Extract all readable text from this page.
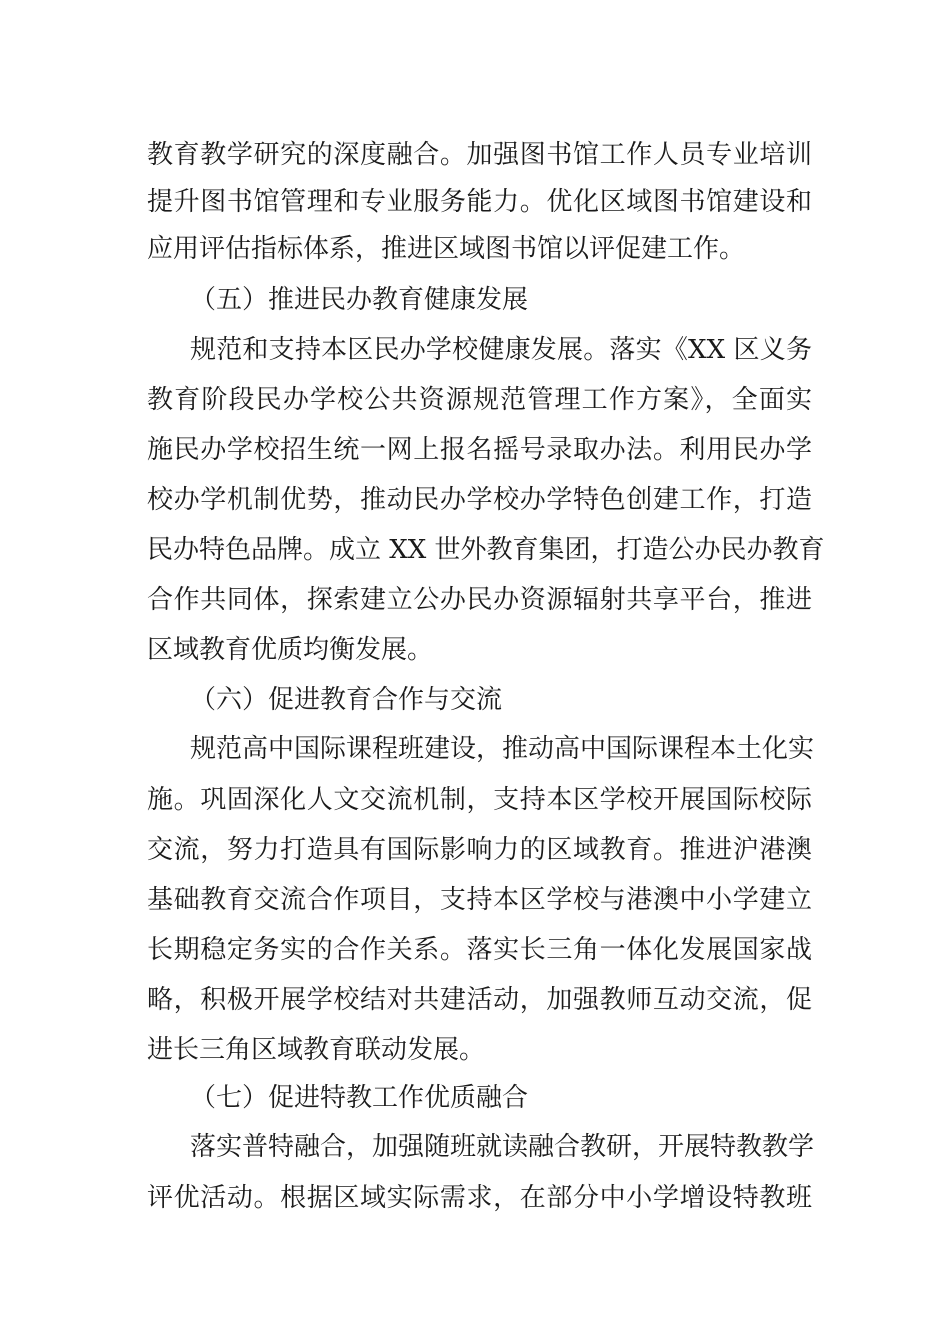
教育教学研究的深度融合。加强图书馆工作人员专业培训
提升图书馆管理和专业服务能力。优化区域图书馆建设和
应用评估指标体系，推进区域图书馆以评促建工作。
（五）推进民办教育健康发展
规范和支持本区民办学校健康发展。落实《XX 区义务
教育阶段民办学校公共资源规范管理工作方案》，全面实
施民办学校招生统一网上报名摇号录取办法。利用民办学
校办学机制优势，推动民办学校办学特色创建工作，打造
民办特色品牌。成立 XX 世外教育集团，打造公办民办教育
合作共同体，探索建立公办民办资源辐射共享平台，推进
区域教育优质均衡发展。
（六）促进教育合作与交流
规范高中国际课程班建设，推动高中国际课程本土化实
施。巩固深化人文交流机制，支持本区学校开展国际校际
交流，努力打造具有国际影响力的区域教育。推进沪港澳
基础教育交流合作项目，支持本区学校与港澳中小学建立
长期稳定务实的合作关系。落实长三角一体化发展国家战
略，积极开展学校结对共建活动，加强教师互动交流，促
进长三角区域教育联动发展。
（七）促进特教工作优质融合
落实普特融合，加强随班就读融合教研，开展特教教学
评优活动。根据区域实际需求，在部分中小学增设特教班
